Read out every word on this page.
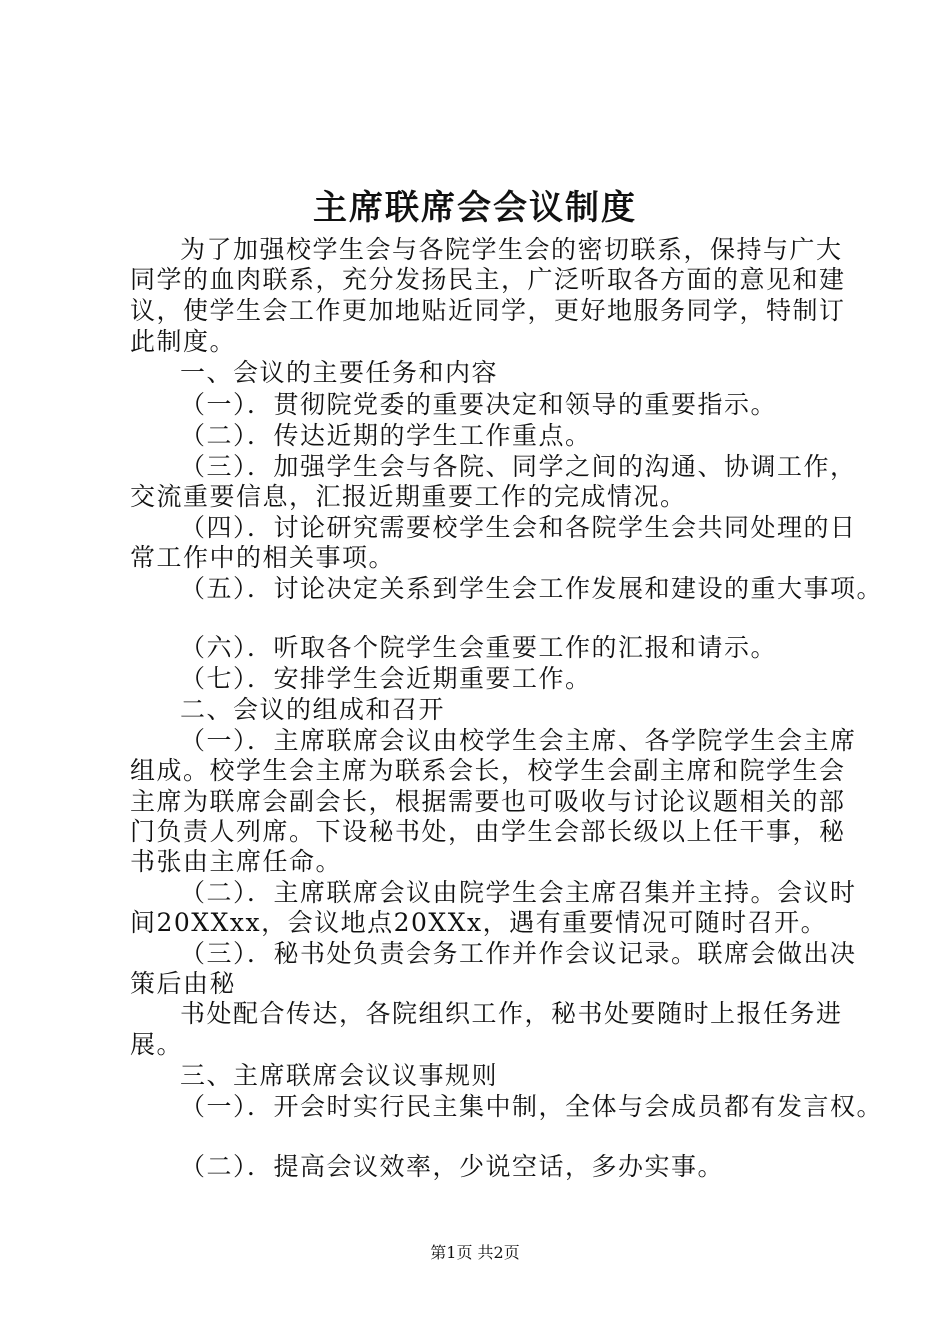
主席联席会会议制度
为了加强校学生会与各院学生会的密切联系，保持与广大
同学的血肉联系，充分发扬民主，广泛听取各方面的意见和建
议，使学生会工作更加地贴近同学，更好地服务同学，特制订
此制度。
一、会议的主要任务和内容
（一）．贯彻院党委的重要决定和领导的重要指示。
（二）．传达近期的学生工作重点。
（三）．加强学生会与各院、同学之间的沟通、协调工作，
交流重要信息，汇报近期重要工作的完成情况。
（四）．讨论研究需要校学生会和各院学生会共同处理的日
常工作中的相关事项。
（五）．讨论决定关系到学生会工作发展和建设的重大事项。
（六）．听取各个院学生会重要工作的汇报和请示。
（七）．安排学生会近期重要工作。
二、会议的组成和召开
（一）．主席联席会议由校学生会主席、各学院学生会主席
组成。校学生会主席为联系会长，校学生会副主席和院学生会
主席为联席会副会长，根据需要也可吸收与讨论议题相关的部
门负责人列席。下设秘书处，由学生会部长级以上任干事，秘
书张由主席任命。
（二）．主席联席会议由院学生会主席召集并主持。会议时
间20XXxx，会议地点20XXx，遇有重要情况可随时召开。
（三）．秘书处负责会务工作并作会议记录。联席会做出决
策后由秘
书处配合传达，各院组织工作，秘书处要随时上报任务进
展。
三、主席联席会议议事规则
（一）．开会时实行民主集中制，全体与会成员都有发言权。
（二）．提高会议效率，少说空话，多办实事。
第1页 共2页
